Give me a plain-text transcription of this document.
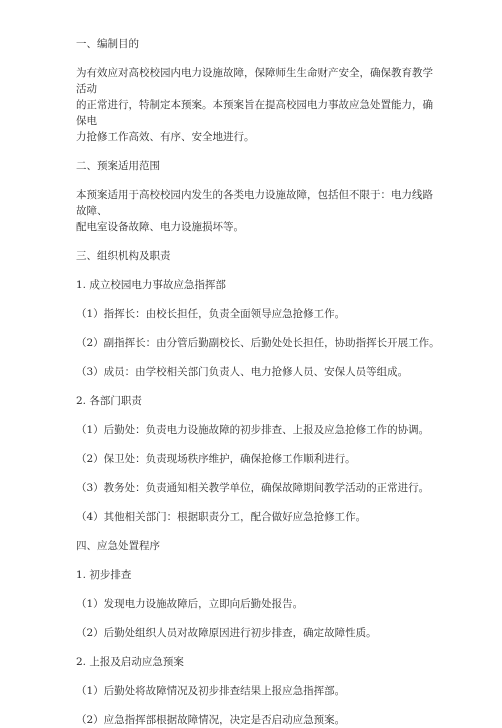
一、编制目的
为有效应对高校校园内电力设施故障，保障师生生命财产安全，确保教育教学活动
的正常进行，特制定本预案。本预案旨在提高校园电力事故应急处置能力，确保电
力抢修工作高效、有序、安全地进行。
二、预案适用范围
本预案适用于高校校园内发生的各类电力设施故障，包括但不限于：电力线路故障、
配电室设备故障、电力设施损坏等。
三、组织机构及职责
1. 成立校园电力事故应急指挥部
（1）指挥长：由校长担任，负责全面领导应急抢修工作。
（2）副指挥长：由分管后勤副校长、后勤处处长担任，协助指挥长开展工作。
（3）成员：由学校相关部门负责人、电力抢修人员、安保人员等组成。
2. 各部门职责
（1）后勤处：负责电力设施故障的初步排查、上报及应急抢修工作的协调。
（2）保卫处：负责现场秩序维护，确保抢修工作顺利进行。
（3）教务处：负责通知相关教学单位，确保故障期间教学活动的正常进行。
（4）其他相关部门：根据职责分工，配合做好应急抢修工作。
四、应急处置程序
1. 初步排查
（1）发现电力设施故障后，立即向后勤处报告。
（2）后勤处组织人员对故障原因进行初步排查，确定故障性质。
2. 上报及启动应急预案
（1）后勤处将故障情况及初步排查结果上报应急指挥部。
（2）应急指挥部根据故障情况，决定是否启动应急预案。
